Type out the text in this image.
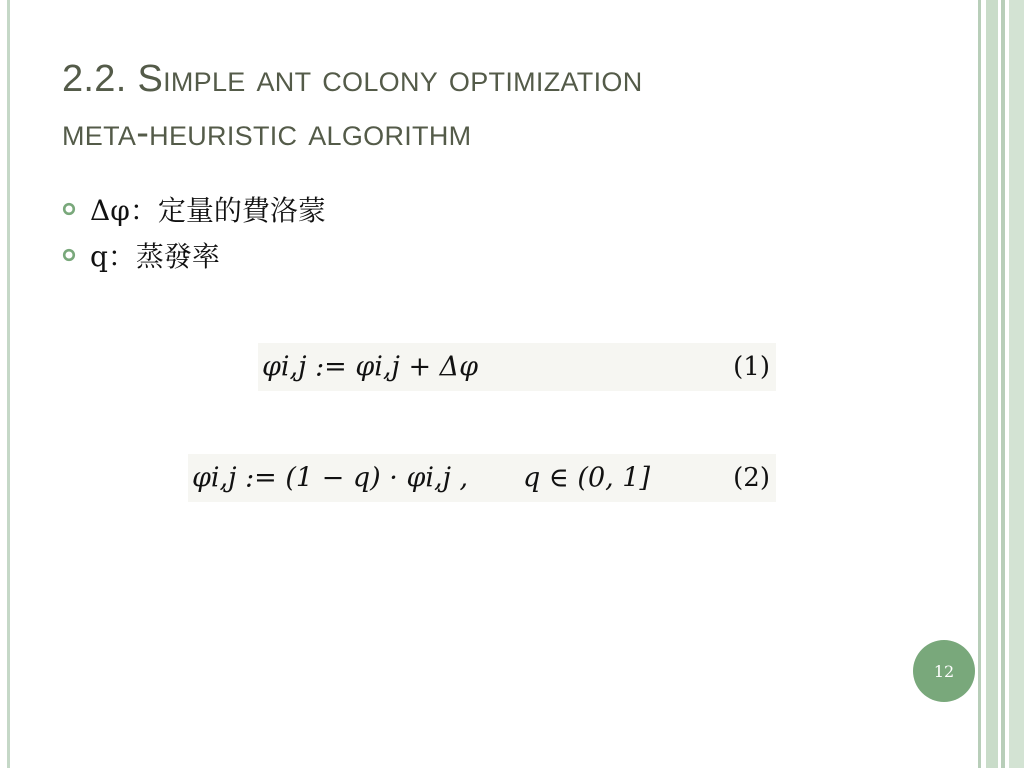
2.2. Simple ant colony optimization
meta-heuristic algorithm
Δφ：定量的費洛蒙
q：蒸發率
φi,j := φi,j + Δφ	(1)
φi,j := (1 − q) · φi,j , q ∈ (0, 1]	(2)
12
